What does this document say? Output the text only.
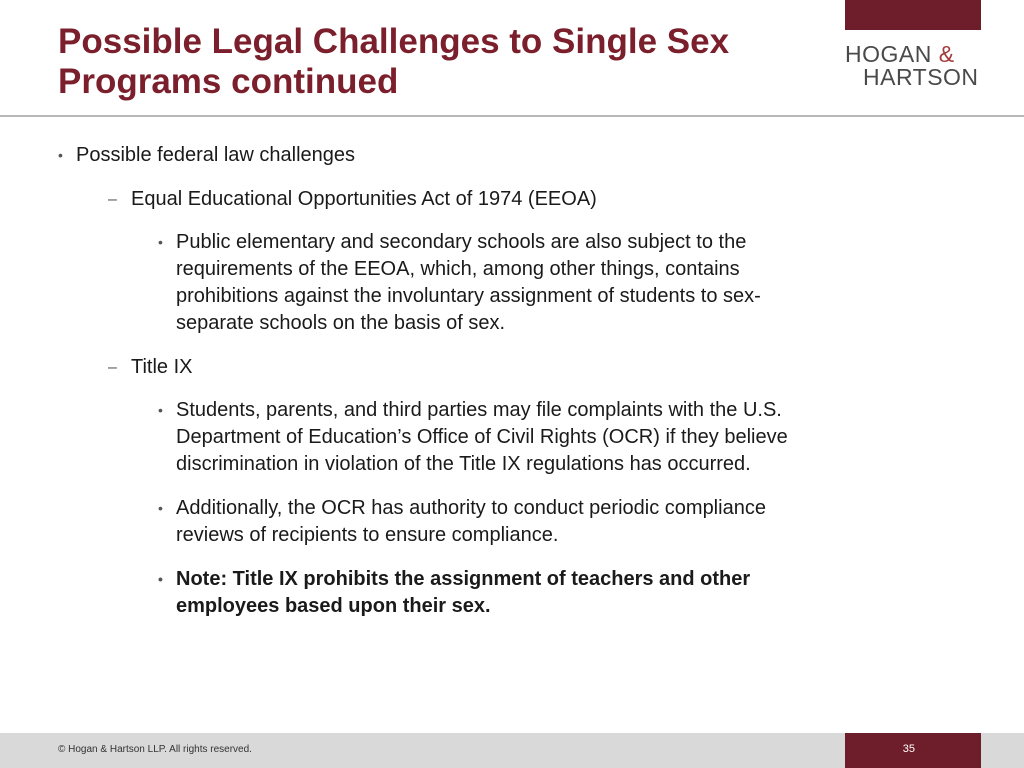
Possible Legal Challenges to Single Sex Programs continued
HOGAN &
HARTSON
• Possible federal law challenges
– Equal Educational Opportunities Act of 1974 (EEOA)
• Public elementary and secondary schools are also subject to the requirements of the EEOA, which, among other things, contains prohibitions against the involuntary assignment of students to sex-separate schools on the basis of sex.
– Title IX
• Students, parents, and third parties may file complaints with the U.S. Department of Education’s Office of Civil Rights (OCR) if they believe discrimination in violation of the Title IX regulations has occurred.
• Additionally, the OCR has authority to conduct periodic compliance reviews of recipients to ensure compliance.
• Note: Title IX prohibits the assignment of teachers and other employees based upon their sex.
© Hogan & Hartson LLP. All rights reserved.	35
